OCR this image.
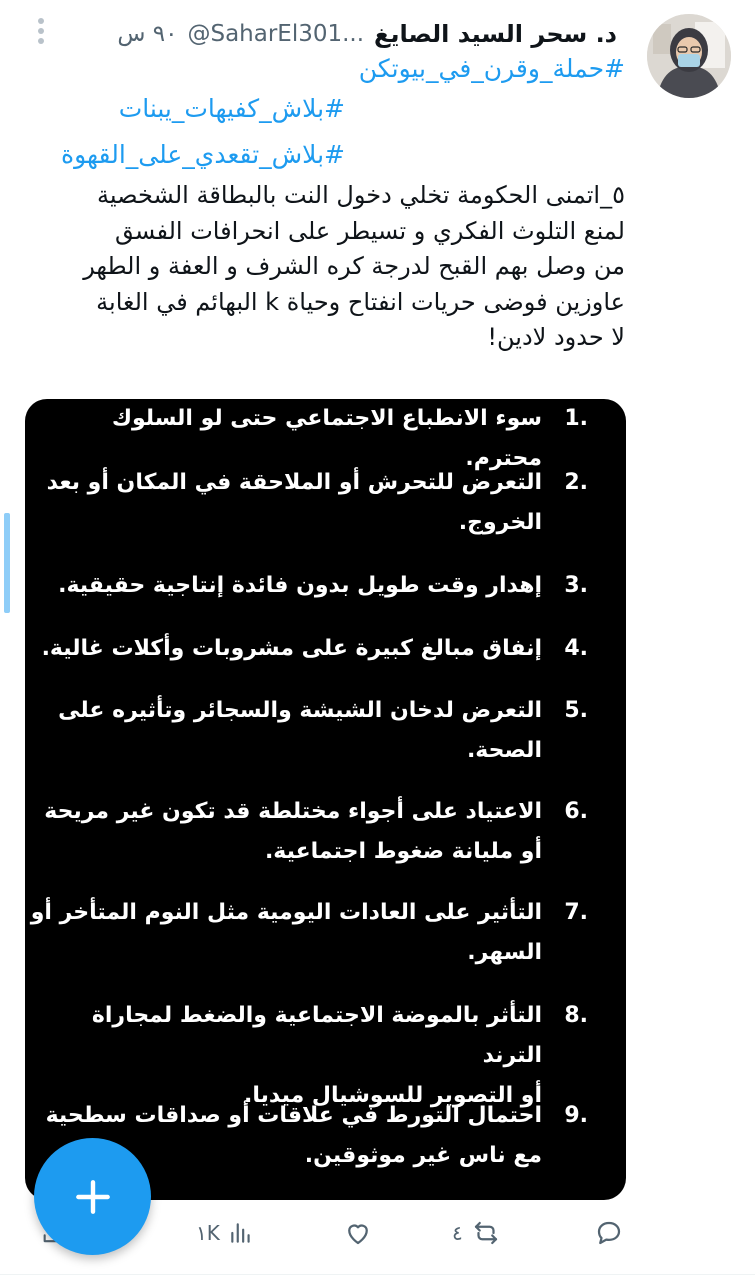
د. سحر السيد الصايغ
@SaharEl301...
٩٠ س
#حملة_وقرن_في_بيوتكن
#بلاش_كفيهات_يبنات
#بلاش_تقعدي_على_القهوة
٥_اتمنى الحكومة تخلي دخول النت بالبطاقة الشخصية
لمنع التلوث الفكري و تسيطر على انحرافات الفسق
من وصل بهم القبح لدرجة كره الشرف و العفة و الطهر
عاوزين فوضى حريات انفتاح وحياة k البهائم في الغابة
لا حدود لادين!
1.
سوء الانطباع الاجتماعي حتى لو السلوك محترم.
2.
التعرض للتحرش أو الملاحقة في المكان أو بعد
الخروج.
3.
إهدار وقت طويل بدون فائدة إنتاجية حقيقية.
4.
إنفاق مبالغ كبيرة على مشروبات وأكلات غالية.
5.
التعرض لدخان الشيشة والسجائر وتأثيره على
الصحة.
6.
الاعتياد على أجواء مختلطة قد تكون غير مريحة
أو مليانة ضغوط اجتماعية.
7.
التأثير على العادات اليومية مثل النوم المتأخر أو
السهر.
8.
التأثر بالموضة الاجتماعية والضغط لمجاراة الترند
أو التصوير للسوشيال ميديا.
9.
احتمال التورط في علاقات أو صداقات سطحية
مع ناس غير موثوقين.
١K	٤
